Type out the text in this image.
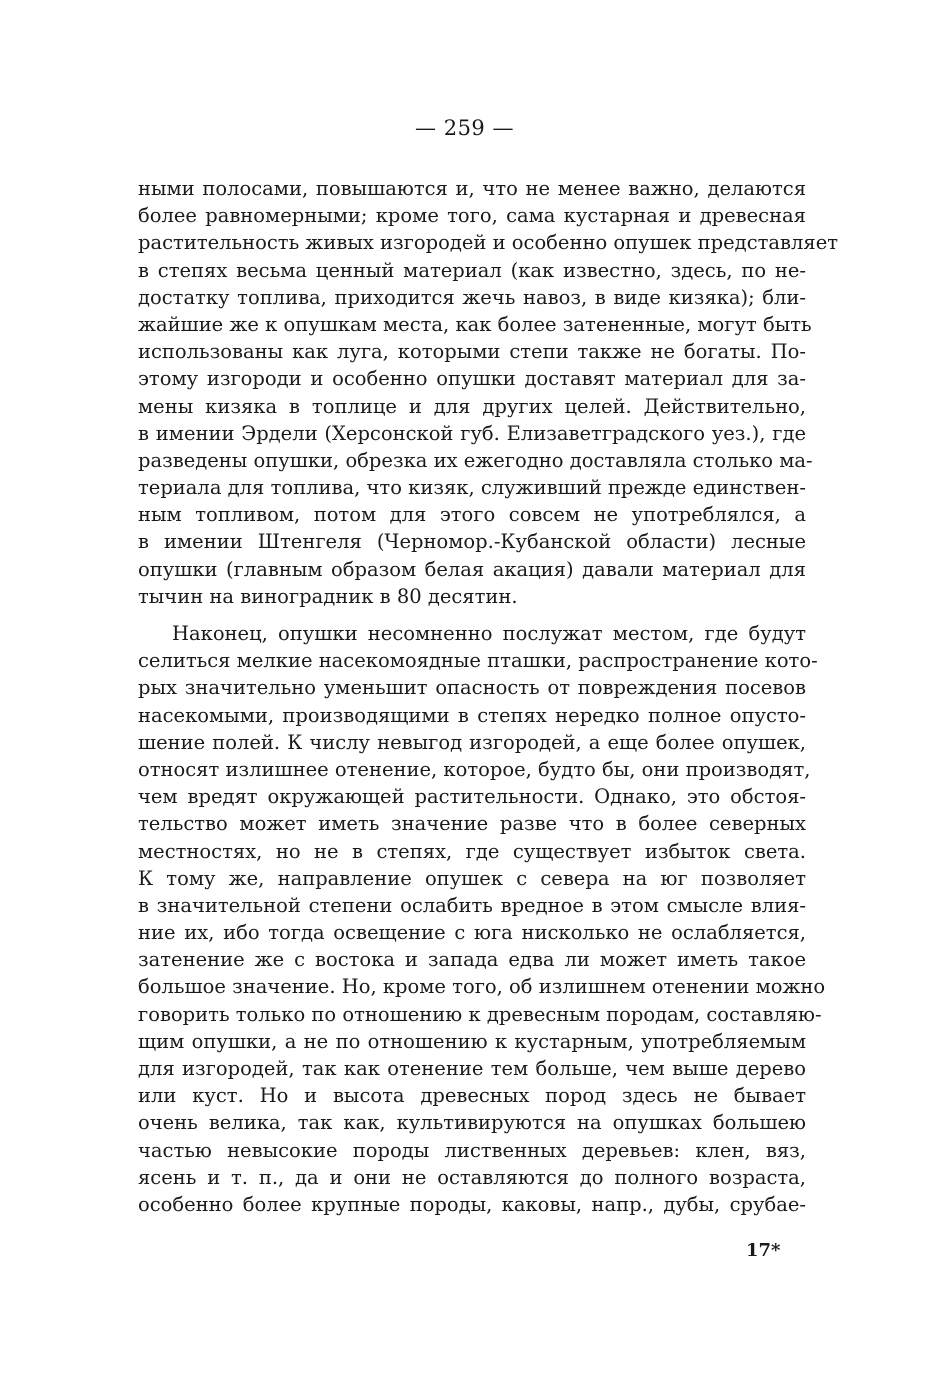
— 259 —
ными полосами, повышаются и, что не менее важно, делаются
более равномерными; кроме того, сама кустарная и древесная
растительность живых изгородей и особенно опушек представляет
в степях весьма ценный материал (как известно, здесь, по не-
достатку топлива, приходится жечь навоз, в виде кизяка); бли-
жайшие же к опушкам места, как более затененные, могут быть
использованы как луга, которыми степи также не богаты. По-
этому изгороди и особенно опушки доставят материал для за-
мены кизяка в топлице и для других целей. Действительно,
в имении Эрдели (Херсонской губ. Елизаветградского уез.), где
разведены опушки, обрезка их ежегодно доставляла столько ма-
териала для топлива, что кизяк, служивший прежде единствен-
ным топливом, потом для этого совсем не употреблялся, а
в имении Штенгеля (Черномор.-Кубанской области) лесные
опушки (главным образом белая акация) давали материал для
тычин на виноградник в 80 десятин.
Наконец, опушки несомненно послужат местом, где будут
селиться мелкие насекомоядные пташки, распространение кото-
рых значительно уменьшит опасность от повреждения посевов
насекомыми, производящими в степях нередко полное опусто-
шение полей. К числу невыгод изгородей, а еще более опушек,
относят излишнее отенение, которое, будто бы, они производят,
чем вредят окружающей растительности. Однако, это обстоя-
тельство может иметь значение разве что в более северных
местностях, но не в степях, где существует избыток света.
К тому же, направление опушек с севера на юг позволяет
в значительной степени ослабить вредное в этом смысле влия-
ние их, ибо тогда освещение с юга нисколько не ослабляется,
затенение же с востока и запада едва ли может иметь такое
большое значение. Но, кроме того, об излишнем отенении можно
говорить только по отношению к древесным породам, составляю-
щим опушки, а не по отношению к кустарным, употребляемым
для изгородей, так как отенение тем больше, чем выше дерево
или куст. Но и высота древесных пород здесь не бывает
очень велика, так как, культивируются на опушках большею
частью невысокие породы лиственных деревьев: клен, вяз,
ясень и т. п., да и они не оставляются до полного возраста,
особенно более крупные породы, каковы, напр., дубы, срубае-
17*
